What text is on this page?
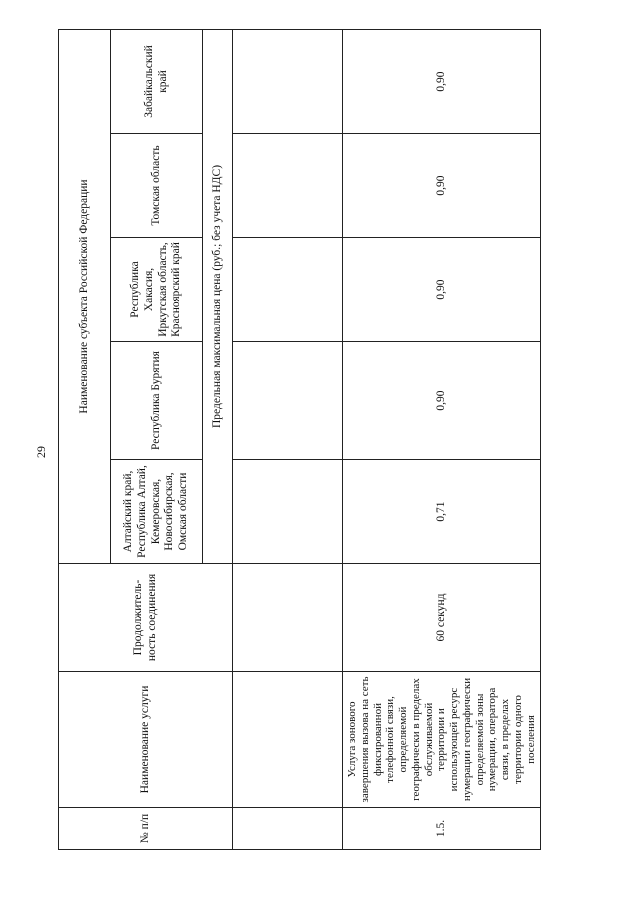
29
№ п/п	Наименование услуги	Продолжитель-ность соединения	Наименование субъекта Российской Федерации				
			Алтайский край, Республика Алтай, Кемеровская, Новосибирская, Омская области	Республика Бурятия	Республика Хакасия, Иркутская область, Красноярский край	Томская область	Забайкальский край
			Предельная максимальная цена (руб.; без учета НДС)				

1.5.	Услуга зонового завершения вызова на сеть фиксированной телефонной связи, определяемой географически в пределах обслуживаемой территории и использующей ресурс нумерации географически определяемой зоны нумерации, оператора связи, в пределах территории одного поселения	60 секунд	0,71	0,90	0,90	0,90	0,90
